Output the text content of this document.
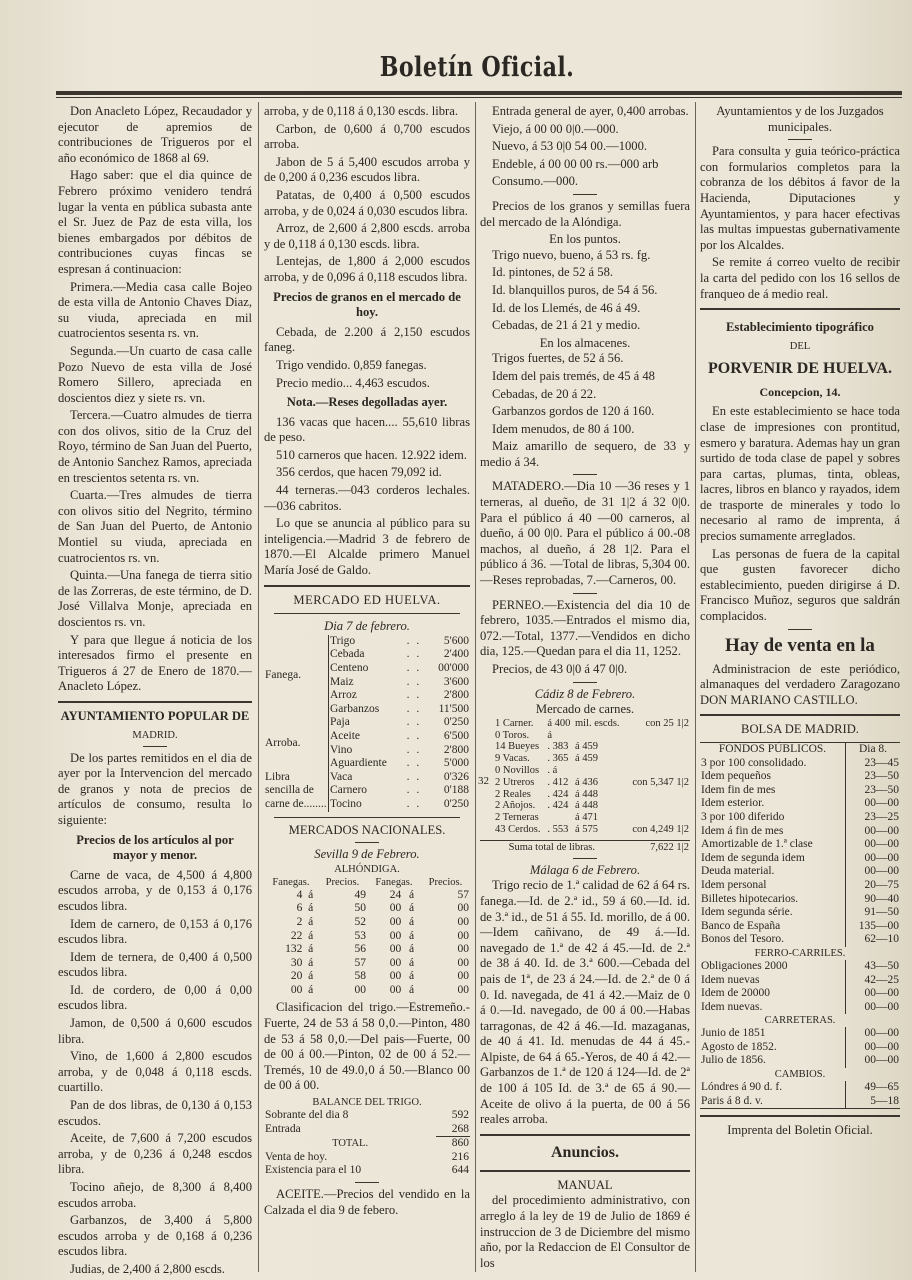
Boletín Oficial.

Don Anacleto López, Recaudador y ejecutor de apremios de contribuciones de Trigueros por el año económico de 1868 al 69.

Hago saber: que el dia quince de Febrero próximo venidero tendrá lugar la venta en pública subasta ante el Sr. Juez de Paz de esta villa, los bienes embargados por débitos de contribuciones cuyas fincas se espresan á continuacion:

Primera.—Media casa calle Bojeo de esta villa de Antonio Chaves Diaz, su viuda, apreciada en mil cuatrocientos sesenta rs. vn.

Segunda.—Un cuarto de casa calle Pozo Nuevo de esta villa de José Romero Sillero, apreciada en doscientos diez y siete rs. vn.

Tercera.—Cuatro almudes de tierra con dos olivos, sitio de la Cruz del Royo, término de San Juan del Puerto, de Antonio Sanchez Ramos, apreciada en trescientos setenta rs. vn.

Cuarta.—Tres almudes de tierra con olivos sitio del Negrito, término de San Juan del Puerto, de Antonio Montiel su viuda, apreciada en cuatrocientos rs. vn.

Quinta.—Una fanega de tierra sitio de las Zorreras, de este término, de D. José Villalva Monje, apreciada en doscientos rs. vn.

Y para que llegue á noticia de los interesados firmo el presente en Trigueros á 27 de Enero de 1870.—Anacleto López.

AYUNTAMIENTO POPULAR DE
MADRID.

De los partes remitidos en el dia de ayer por la Intervencion del mercado de granos y nota de precios de artículos de consumo, resulta lo siguiente:

Precios de los artículos al por mayor y menor.

Carne de vaca, de 4,500 á 4,800 escudos arroba, y de 0,153 á 0,176 escudos libra.

Idem de carnero, de 0,153 á 0,176 escudos libra.

Idem de ternera, de 0,400 á 0,500 escudos libra.

Id. de cordero, de 0,00 á 0,00 escudos libra.

Jamon, de 0,500 á 0,600 escudos libra.

Vino, de 1,600 á 2,800 escudos arroba, y de 0,048 á 0,118 escds. cuartillo.

Pan de dos libras, de 0,130 á 0,153 escudos.

Aceite, de 7,600 á 7,200 escudos arroba, y de 0,236 á 0,248 escdos libra.

Tocino añejo, de 8,300 á 8,400 escudos arroba.

Garbanzos, de 3,400 á 5,800 escudos arroba y de 0,168 á 0,236 escudos libra.

Judias, de 2,400 á 2,800 escds.

arroba, y de 0,118 á 0,130 escds. libra.

Carbon, de 0,600 á 0,700 escudos arroba.

Jabon de 5 á 5,400 escudos arroba y de 0,200 á 0,236 escudos libra.

Patatas, de 0,400 á 0,500 escudos arroba, y de 0,024 á 0,030 escudos libra.

Arroz, de 2,600 á 2,800 escds. arroba y de 0,118 á 0,130 escds. libra.

Lentejas, de 1,800 á 2,000 escudos arroba, y de 0,096 á 0,118 escudos libra.

Precios de granos en el mercado de hoy.

Cebada, de 2.200 á 2,150 escudos faneg.

Trigo vendido. 0,859 fanegas.

Precio medio... 4,463 escudos.

Nota.—Reses degolladas ayer.

136 vacas que hacen.... 55,610 libras de peso.

510 carneros que hacen. 12.922 idem.

356 cerdos, que hacen 79,092 id.

44 terneras.—043 corderos lechales.—036 cabritos.

Lo que se anuncia al público para su inteligencia.—Madrid 3 de febrero de 1870.—El Alcalde primero Manuel María José de Galdo.

MERCADO ED HUELVA.
Dia 7 de febrero.
Fanega.	Trigo	. .	5'600
	Cebada	. .	2'400
	Centeno	. .	00'000
	Maiz	. .	3'600
	Arroz	. .	2'800
	Garbanzos	. .	11'500
Arroba.	Paja	. .	0'250
	Aceite	. .	6'500
	Vino	. .	2'800
	Aguardiente	. .	5'000
Libra sencilla de carne de........	Vaca	. .	0'326
	Carnero	. .	0'188
	Tocino	. .	0'250
MERCADOS NACIONALES.
Sevilla 9 de Febrero.
ALHÓNDIGA.
Fanegas.		Precios.	Fanegas.		Precios.
4	á	49	24	á	57
6	á	50	00	á	00
2	á	52	00	á	00
22	á	53	00	á	00
132	á	56	00	á	00
30	á	57	00	á	00
20	á	58	00	á	00
00	á	00	00	á	00

Clasificacion del trigo.—Estremeño.-Fuerte, 24 de 53 á 58 0‚0.—Pinton, 480 de 53 á 58 0‚0.—Del pais—Fuerte, 00 de 00 á 00.—Pinton, 02 de 00 á 52.—Tremés, 10 de 49.0‚0 á 50.—Blanco 00 de 00 á 00.

BALANCE DEL TRIGO.
Sobrante del dia 8	592
Entrada	268
TOTAL.	860
Venta de hoy.	216
Existencia para el 10	644

ACEITE.—Precios del vendido en la Calzada el dia 9 de febero.

Entrada general de ayer, 0,400 arrobas.

Viejo, á 00 00 0|0.—000.

Nuevo, á 53 0|0 54 00.—1000.

Endeble, á 00 00 00 rs.—000 arb

Consumo.—000.

Precios de los granos y semillas fuera del mercado de la Alóndiga.

En los puntos.

Trigo nuevo, bueno, á 53 rs. fg.

Id. pintones, de 52 á 58.

Id. blanquillos puros, de 54 á 56.

Id. de los Llemés, de 46 á 49.

Cebadas, de 21 á 21 y medio.

En los almacenes.

Trigos fuertes, de 52 á 56.

Idem del pais tremés, de 45 á 48

Cebadas, de 20 á 22.

Garbanzos gordos de 120 á 160.

Idem menudos, de 80 á 100.

Maiz amarillo de sequero, de 33 y medio á 34.

MATADERO.—Dia 10 —36 reses y 1 terneras, al dueño, de 31 1|2 á 32 0|0. Para el público á 40 —00 carneros, al dueño, á 00 0|0. Para el público á 00.-08 machos, al dueño, á 28 1|2. Para el público á 36. —Total de libras, 5,304 00.—Reses reprobadas, 7.—Carneros, 00.

PERNEO.—Existencia del dia 10 de febrero, 1035.—Entrados el mismo dia, 072.—Total, 1377.—Vendidos en dicho dia, 125.—Quedan para el dia 11, 1252.

Precios, de 43 0|0 á 47 0|0.

Cádiz 8 de Febrero.
Mercado de carnes.
32
1 Carner.	á 400	mil. escds.	con 25 1|2
0 Toros.	á		
14 Bueyes	. 383	á 459	
9 Vacas.	. 365	á 459	
0 Novillos	. á		
2 Utreros	. 412	á 436	con 5,347 1|2
2 Reales	. 424	á 448	
2 Añojos.	. 424	á 448	
2 Terneras		á 471	
43 Cerdos.	. 553	á 575	con 4,249 1|2
Suma total de libras.	7,622 1|2
Málaga 6 de Febrero.

Trigo recio de 1.ª calidad de 62 á 64 rs. fanega.—Id. de 2.ª id., 59 á 60.—Id. id. de 3.ª id., de 51 á 55. Id. morillo, de á 00.—Idem cañivano, de 49 á.—Id. navegado de 1.ª de 42 á 45.—Id. de 2.ª de 38 á 40. Id. de 3.ª 600.—Cebada del pais de 1ª, de 23 á 24.—Id. de 2.ª de 0 á 0. Id. navegada, de 41 á 42.—Maiz de 0 á 0.—Id. navegado, de 00 á 00.—Habas tarragonas, de 42 á 46.—Id. mazaganas, de 40 á 41. Id. menudas de 44 á 45.-Alpiste, de 64 á 65.-Yeros, de 40 á 42.—Garbanzos de 1.ª de 120 á 124—Id. de 2ª de 100 á 105 Id. de 3.ª de 65 á 90.—Aceite de olivo á la puerta, de 00 á 56 reales arroba.

Anuncios.
MANUAL

del procedimiento administrativo, con arreglo á la ley de 19 de Julio de 1869 é instruccion de 3 de Diciembre del mismo año, por la Redaccion de El Consultor de los

Ayuntamientos y de los Juzgados municipales.

Para consulta y guia teórico-práctica con formularios completos para la cobranza de los débitos á favor de la Hacienda, Diputaciones y Ayuntamientos, y para hacer efectivas las multas impuestas gubernativamente por los Alcaldes.

Se remite á correo vuelto de recibir la carta del pedido con los 16 sellos de franqueo de á medio real.

Establecimiento tipográfico
DEL
PORVENIR DE HUELVA.
Concepcion, 14.

En este establecimiento se hace toda clase de impresiones con prontitud, esmero y baratura. Ademas hay un gran surtido de toda clase de papel y sobres para cartas, plumas, tinta, obleas, lacres, libros en blanco y rayados, idem de trasporte de minerales y todo lo necesario al ramo de imprenta, á precios sumamente arreglados.

Las personas de fuera de la capital que gusten favorecer dicho establecimiento, pueden dirigirse á D. Francisco Muñoz, seguros que saldrán complacidos.

Hay de venta en la

Administracion de este periódico, almanaques del verdadero Zaragozano DON MARIANO CASTILLO.

BOLSA DE MADRID.
FONDOS PÚBLICOS.	Dia 8.
3 por 100 consolidado.	23—45
Idem pequeños	23—50
Idem fin de mes	23—50
Idem esterior.	00—00
3 por 100 diferido	23—25
Idem á fin de mes	00—00
Amortizable de 1.ª clase	00—00
Idem de segunda idem	00—00
Deuda material.	00—00
Idem personal	20—75
Billetes hipotecarios.	90—40
Idem segunda série.	91—50
Banco de España	135—00
Bonos del Tesoro.	62—10
FERRO-CARRILES.	
Obligaciones 2000	43—50
Idem nuevas	42—25
Idem de 20000	00—00
Idem nuevas.	00—00
CARRETERAS.	
Junio de 1851	00—00
Agosto de 1852.	00—00
Julio de 1856.	00—00
CAMBIOS.	
Lóndres á 90 d. f.	49—65
Paris á 8 d. v.	5—18
Imprenta del Boletin Oficial.
